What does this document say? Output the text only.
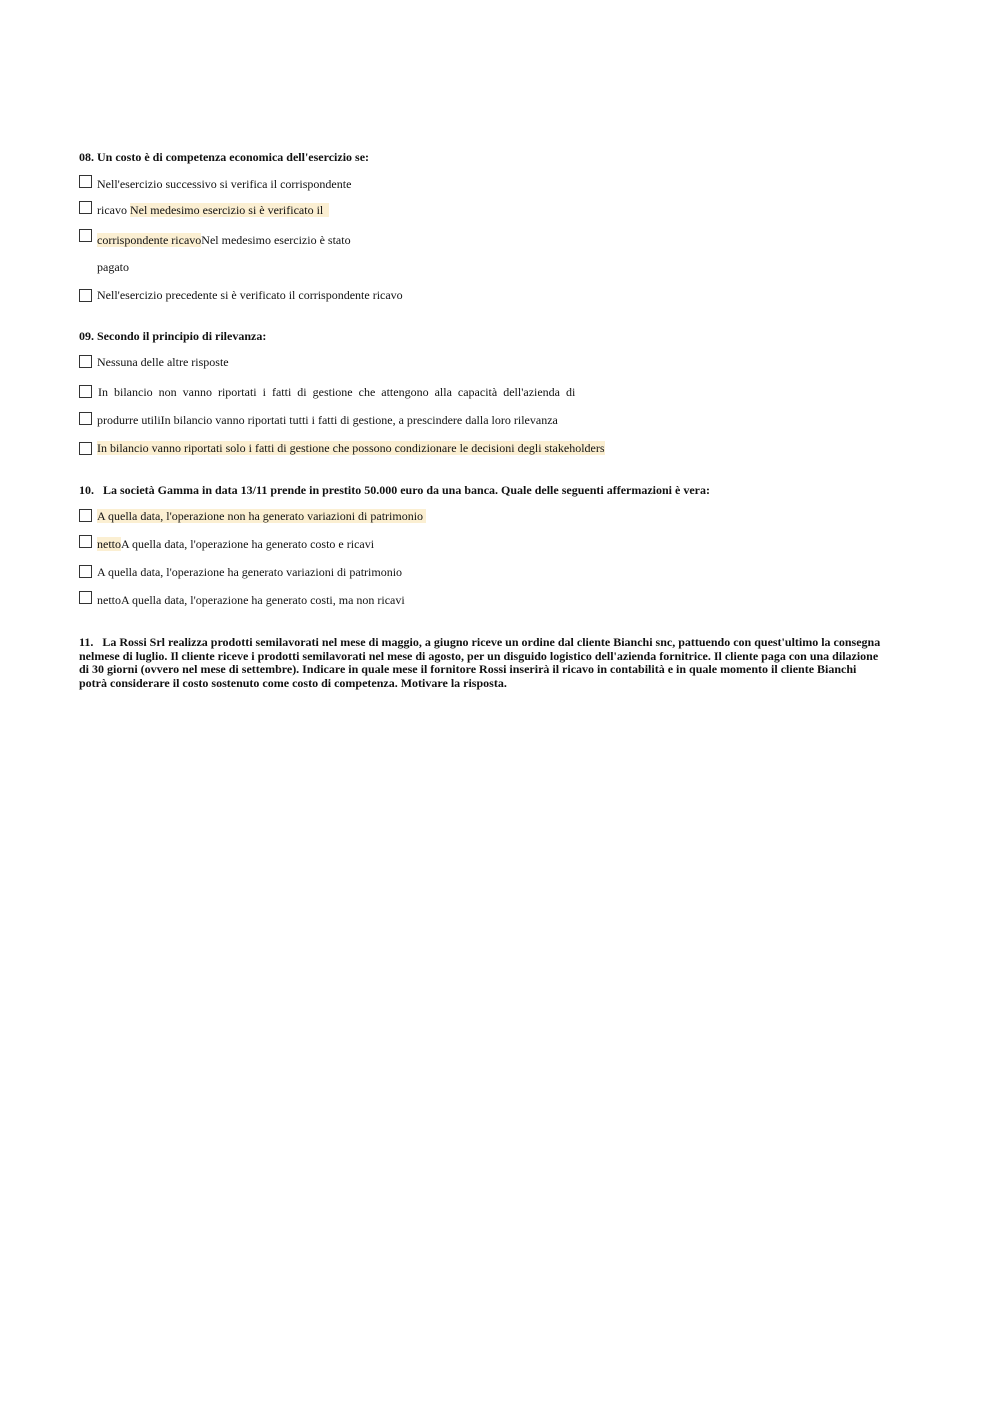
08. Un costo è di competenza economica dell'esercizio se:
Nell'esercizio successivo si verifica il corrispondente
ricavo Nel medesimo esercizio si è verificato il
corrispondente ricavoNel medesimo esercizio è stato
pagato
Nell'esercizio precedente si è verificato il corrispondente ricavo
09. Secondo il principio di rilevanza:
Nessuna delle altre risposte
In  bilancio  non  vanno  riportati  i  fatti  di  gestione  che  attengono  alla  capacità  dell'azienda  di
produrre utiliIn bilancio vanno riportati tutti i fatti di gestione, a prescindere dalla loro rilevanza
In bilancio vanno riportati solo i fatti di gestione che possono condizionare le decisioni degli stakeholders
10.   La società Gamma in data 13/11 prende in prestito 50.000 euro da una banca. Quale delle seguenti affermazioni è vera:
A quella data, l'operazione non ha generato variazioni di patrimonio
nettoA quella data, l'operazione ha generato costo e ricavi
A quella data, l'operazione ha generato variazioni di patrimonio
nettoA quella data, l'operazione ha generato costi, ma non ricavi
11.   La Rossi Srl realizza prodotti semilavorati nel mese di maggio, a giugno riceve un ordine dal cliente Bianchi snc, pattuendo con quest'ultimo la consegna nelmese di luglio. Il cliente riceve i prodotti semilavorati nel mese di agosto, per un disguido logistico dell'azienda fornitrice. Il cliente paga con una dilazione di 30 giorni (ovvero nel mese di settembre). Indicare in quale mese il fornitore Rossi inserirà il ricavo in contabilità e in quale momento il cliente Bianchi potrà considerare il costo sostenuto come costo di competenza. Motivare la risposta.
